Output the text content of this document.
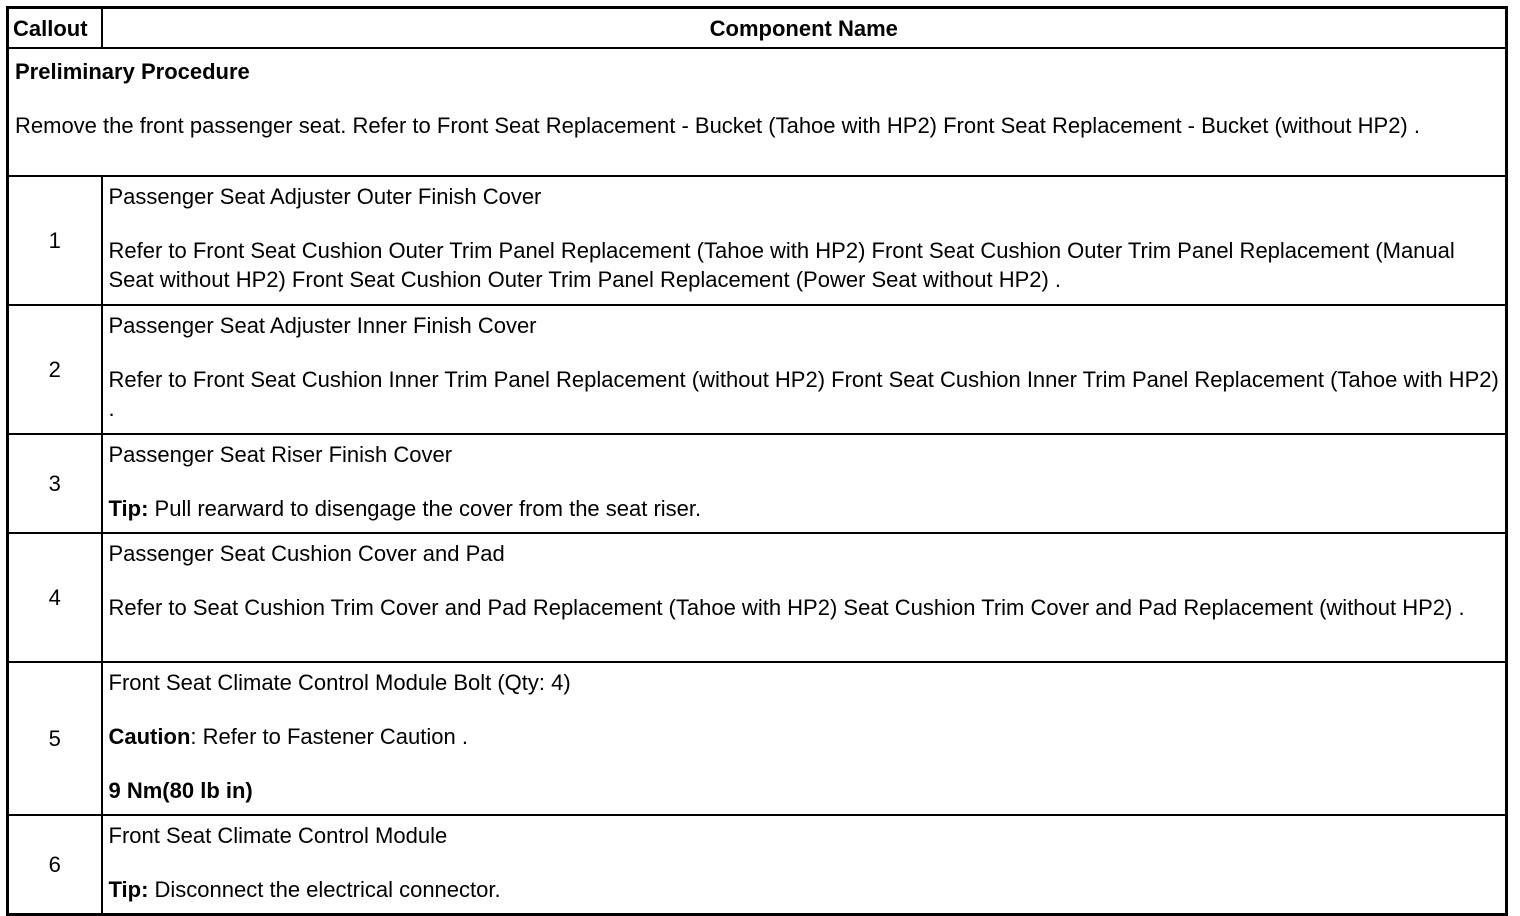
Callout	Component Name

Preliminary Procedure

Remove the front passenger seat. Refer to Front Seat Replacement - Bucket (Tahoe with HP2) Front Seat Replacement - Bucket (without HP2) .	

1	Passenger Seat Adjuster Outer Finish Cover

Refer to Front Seat Cushion Outer Trim Panel Replacement (Tahoe with HP2) Front Seat Cushion Outer Trim Panel Replacement (Manual Seat without HP2) Front Seat Cushion Outer Trim Panel Replacement (Power Seat without HP2) .

2	Passenger Seat Adjuster Inner Finish Cover

Refer to Front Seat Cushion Inner Trim Panel Replacement (without HP2) Front Seat Cushion Inner Trim Panel Replacement (Tahoe with HP2) .

3	Passenger Seat Riser Finish Cover

Tip: Pull rearward to disengage the cover from the seat riser.

4	Passenger Seat Cushion Cover and Pad

Refer to Seat Cushion Trim Cover and Pad Replacement (Tahoe with HP2) Seat Cushion Trim Cover and Pad Replacement (without HP2) .

5	Front Seat Climate Control Module Bolt (Qty: 4)

Caution: Refer to Fastener Caution .

9 Nm(80 lb in)

6	Front Seat Climate Control Module

Tip: Disconnect the electrical connector.
